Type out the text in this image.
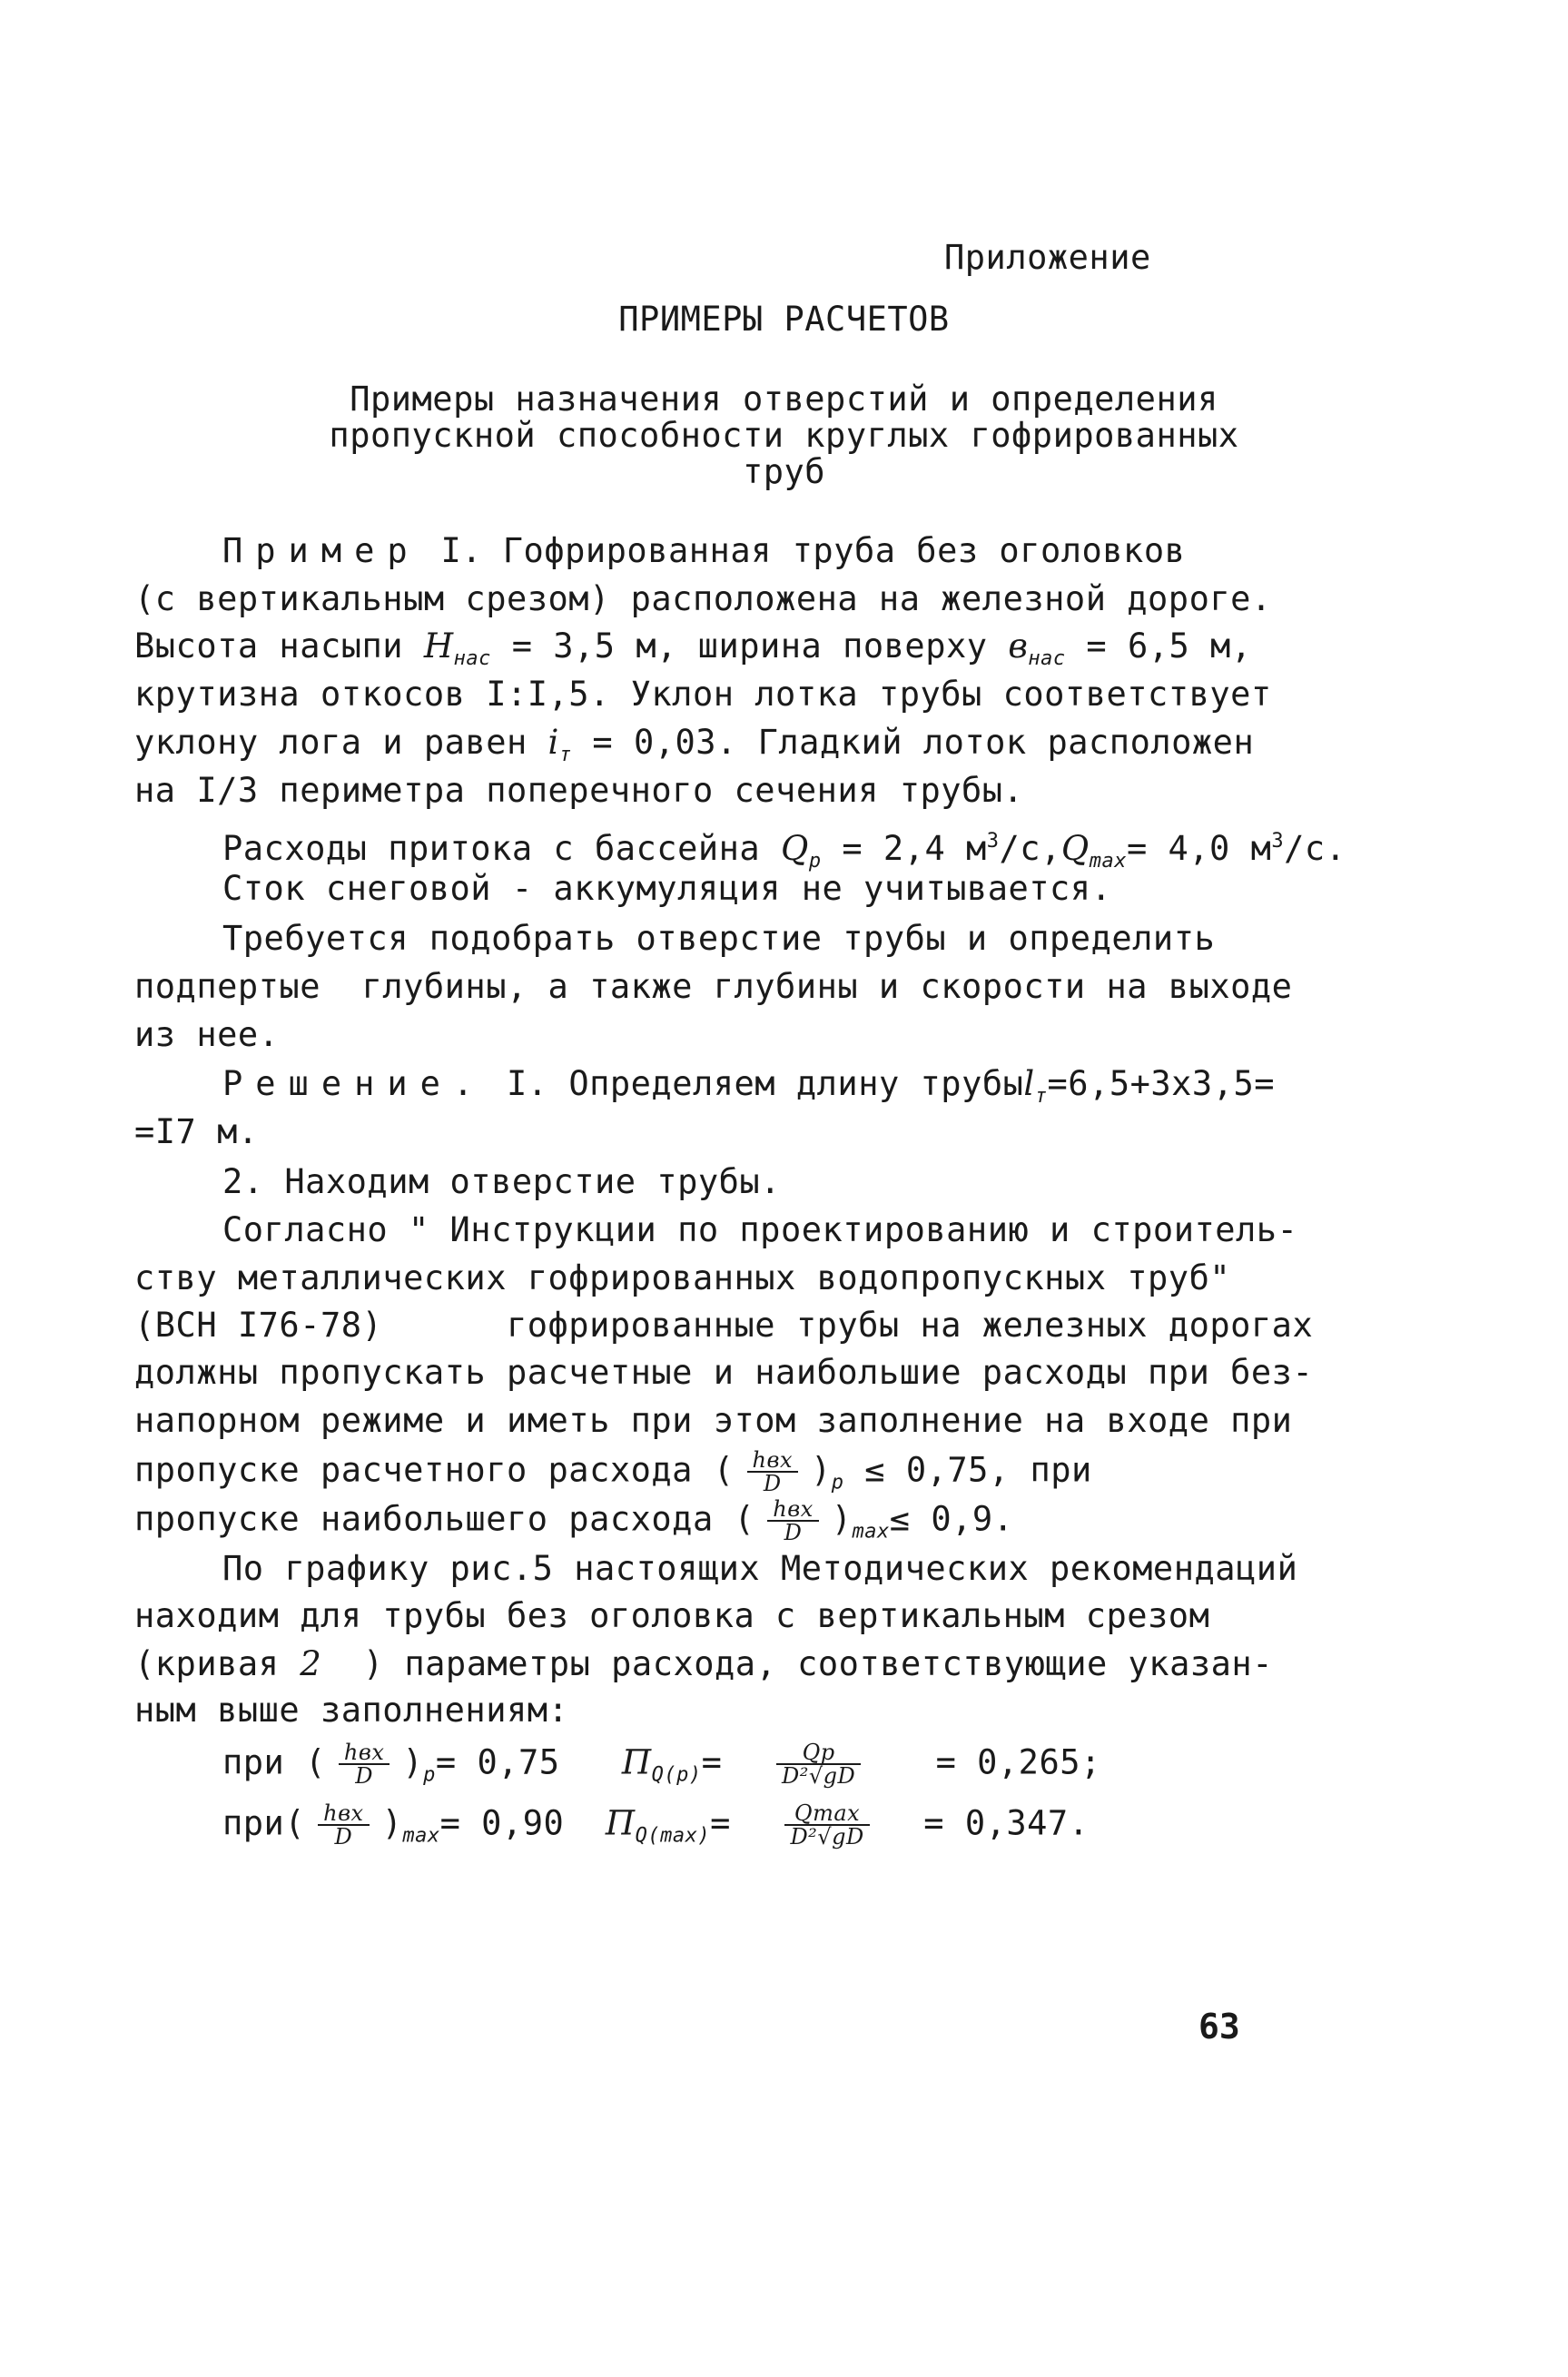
Приложение
ПРИМЕРЫ РАСЧЕТОВ
Примеры назначения отверстий и определения
пропускной способности круглых гофрированных
труб
Пример I. Гофрированная труба без оголовков
(с вертикальным срезом) расположена на железной дороге.
Высота насыпи $H_{нас} = 3,5$ м, ширина поверху $в_{нас} = 6,5$ м,
крутизна откосов I:I,5. Уклон лотка трубы соответствует
уклону лога и равен $i_т = 0,03$. Гладкий лоток расположен
на I/3 периметра поперечного сечения трубы.
Расходы притока с бассейна $Q_р = 2,4$ $м^3/с,Q_{max}= 4,0$ $м^3/с$.
Сток снеговой - аккумуляция не учитывается.
Требуется подобрать отверстие трубы и определить
подпертые  глубины, а также глубины и скорости на выходе
из нее.
Решение. I. Определяем длину трубыl$_т$=6,5+3х3,5=
=I7 м.
2. Находим отверстие трубы.
Согласно " Инструкции по проектированию и строитель-
ству металлических гофрированных водопропускных труб"
(ВСН I76-78)	гофрированные трубы на железных дорогах
должны пропускать расчетные и наибольшие расходы при без-
напорном режиме и иметь при этом заполнение на входе при
пропуске расчетного расхода ( $\frac{\text{hвх}}{D} )_р \le 0,75$, при
пропуске наибольшего расхода ( $\frac{\text{hвх}}{D} )_{max}\le 0,9$.
По графику рис.5 настоящих Методических рекомендаций
находим для трубы без оголовка с вертикальным срезом
(кривая 2 ) параметры расхода, соответствующие указан-
ным выше заполнениям:
при ( $\frac{\text{hвх}}{D} )_р= 0,75$ $П_{Q(р)}= \frac{Qр}{\text{D²√gD}} = 0,265$;
$при( \frac{\text{hвх}}{D} )_{max}= 0,90$ $П_{Q(max)}= \frac{Qmax}{\text{D²√gD}} = 0,347$.
63
